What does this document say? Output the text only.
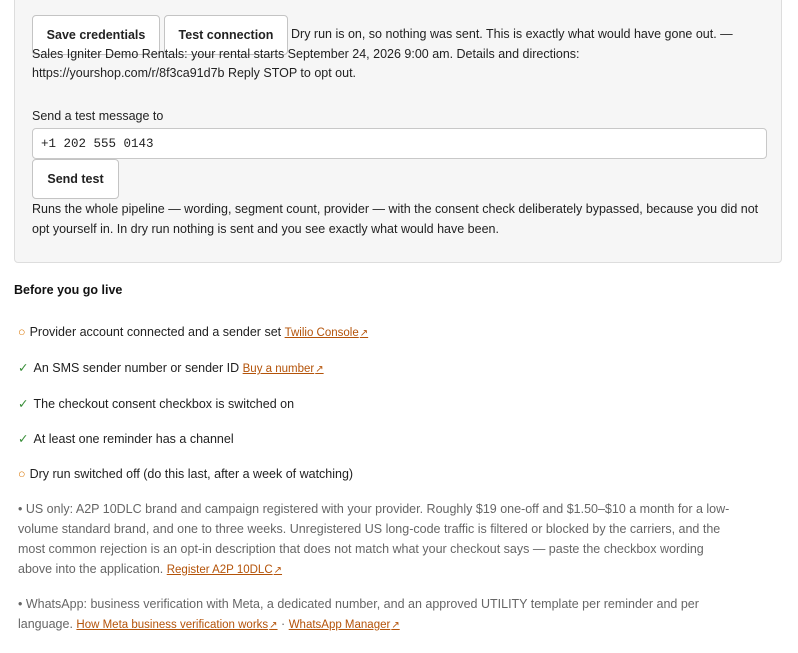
Save credentials	Test connection	Dry run is on, so nothing was sent. This is exactly what would have gone out. — Sales Igniter Demo Rentals: your rental starts September 24, 2026 9:00 am. Details and directions: https://yourshop.com/r/8f3ca91d7b Reply STOP to opt out.
Send a test message to
+1 202 555 0143
Send test
Runs the whole pipeline — wording, segment count, provider — with the consent check deliberately bypassed, because you did not opt yourself in. In dry run nothing is sent and you see exactly what would have been.
Before you go live
○ Provider account connected and a sender set Twilio Console↗
✓ An SMS sender number or sender ID Buy a number↗
✓ The checkout consent checkbox is switched on
✓ At least one reminder has a channel
○ Dry run switched off (do this last, after a week of watching)
• US only: A2P 10DLC brand and campaign registered with your provider. Roughly $19 one-off and $1.50–$10 a month for a low-volume standard brand, and one to three weeks. Unregistered US long-code traffic is filtered or blocked by the carriers, and the most common rejection is an opt-in description that does not match what your checkout says — paste the checkbox wording above into the application. Register A2P 10DLC↗
• WhatsApp: business verification with Meta, a dedicated number, and an approved UTILITY template per reminder and per language. How Meta business verification works↗ · WhatsApp Manager↗
